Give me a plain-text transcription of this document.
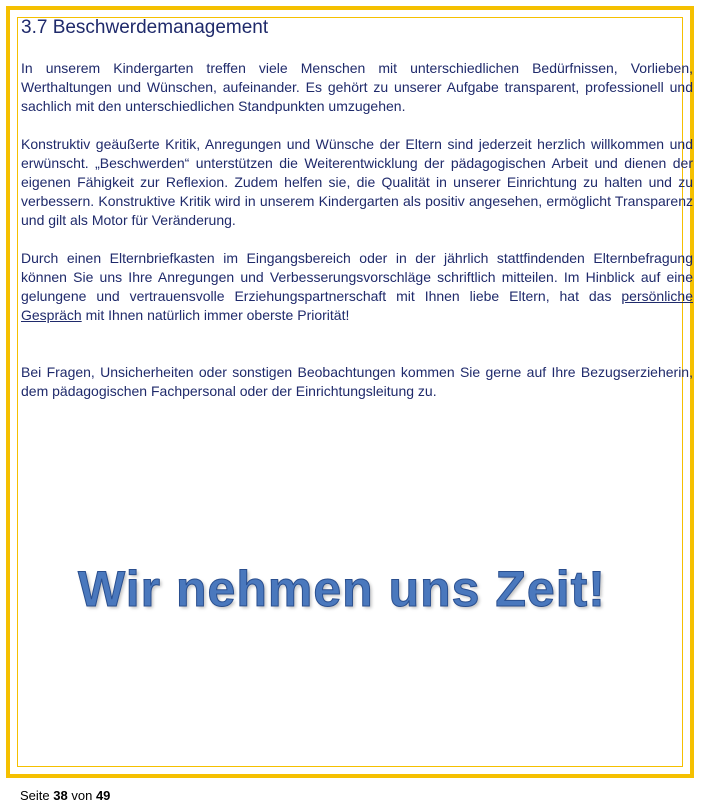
3.7 Beschwerdemanagement

In unserem Kindergarten treffen viele Menschen mit unterschiedlichen Bedürfnissen, Vorlieben, Werthaltungen und Wünschen, aufeinander. Es gehört zu unserer Aufgabe transparent, professionell und sachlich mit den unterschiedlichen Standpunkten umzugehen.

Konstruktiv geäußerte Kritik, Anregungen und Wünsche der Eltern sind jederzeit herzlich willkommen und erwünscht. „Beschwerden“ unterstützen die Weiterentwicklung der pädagogischen Arbeit und dienen der eigenen Fähigkeit zur Reflexion. Zudem helfen sie, die Qualität in unserer Einrichtung zu halten und zu verbessern. Konstruktive Kritik wird in unserem Kindergarten als positiv angesehen, ermöglicht Transparenz und gilt als Motor für Veränderung.

Durch einen Elternbriefkasten im Eingangsbereich oder in der jährlich stattfindenden Elternbefragung können Sie uns Ihre Anregungen und Verbesserungsvorschläge schriftlich mitteilen. Im Hinblick auf eine gelungene und vertrauensvolle Erziehungspartnerschaft mit Ihnen liebe Eltern, hat das persönliche Gespräch mit Ihnen natürlich immer oberste Priorität!

Bei Fragen, Unsicherheiten oder sonstigen Beobachtungen kommen Sie gerne auf Ihre Bezugserzieherin, dem pädagogischen Fachpersonal oder der Einrichtungsleitung zu.

Wir nehmen uns Zeit!
Seite 38 von 49
